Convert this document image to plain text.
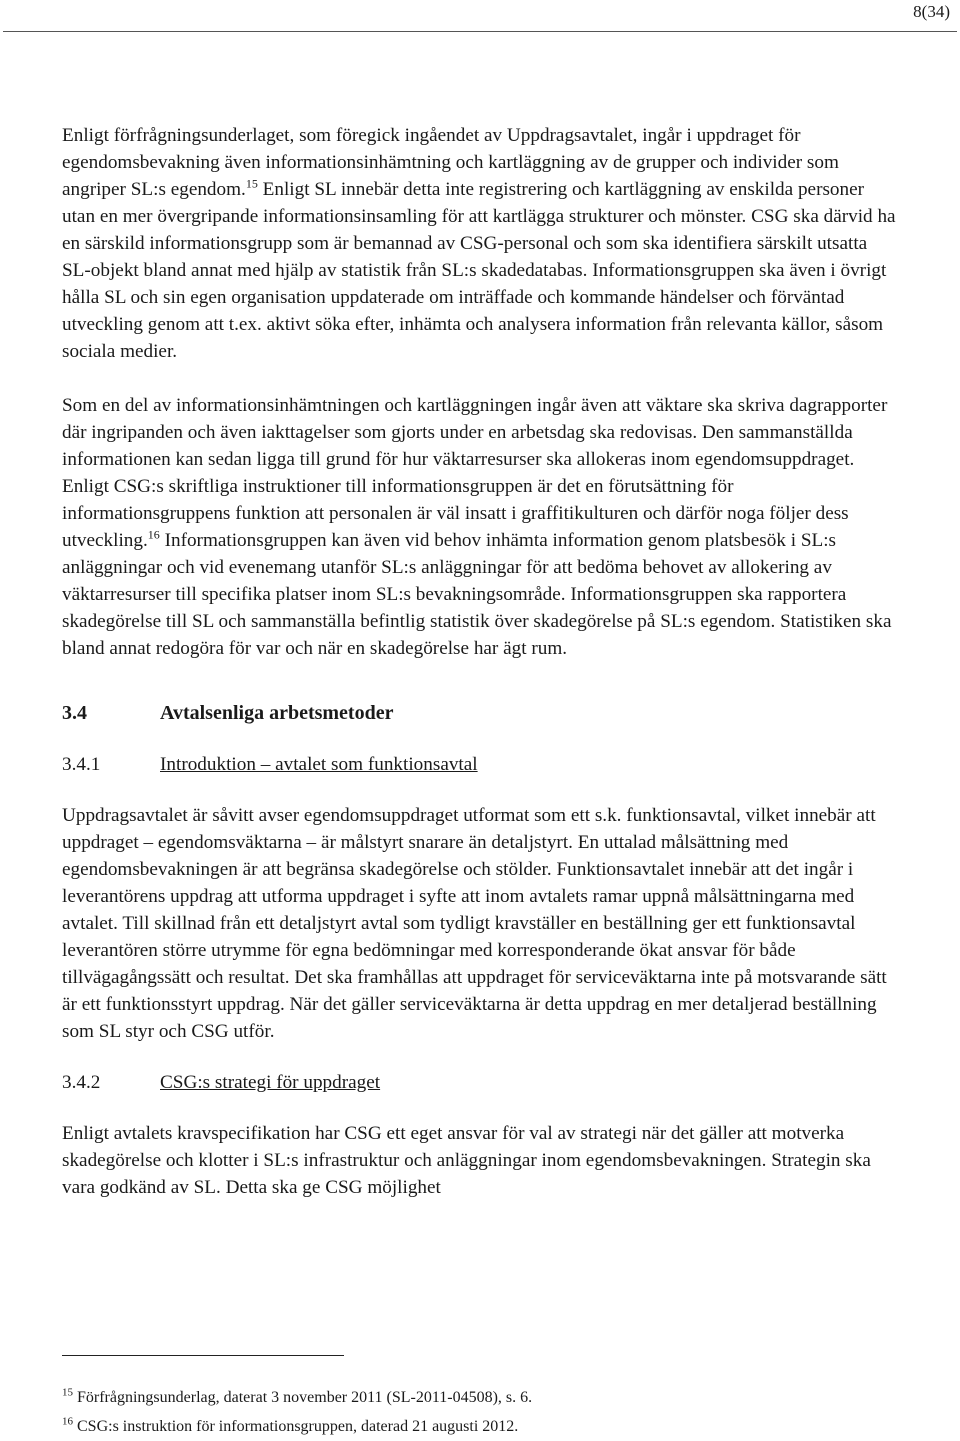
8(34)

Enligt förfrågningsunderlaget, som föregick ingåendet av Uppdragsavtalet, ingår i uppdraget för egendomsbevakning även informationsinhämtning och kartläggning av de grupper och individer som angriper SL:s egendom.$^{15}$ Enligt SL innebär detta inte registrering och kartläggning av enskilda personer utan en mer övergripande informationsinsamling för att kartlägga strukturer och mönster. CSG ska därvid ha en särskild informationsgrupp som är bemannad av CSG-personal och som ska identifiera särskilt utsatta SL-objekt bland annat med hjälp av statistik från SL:s skadedatabas. Informationsgruppen ska även i övrigt hålla SL och sin egen organisation uppdaterade om inträffade och kommande händelser och förväntad utveckling genom att t.ex. aktivt söka efter, inhämta och analysera information från relevanta källor, såsom sociala medier.

Som en del av informationsinhämtningen och kartläggningen ingår även att väktare ska skriva dagrapporter där ingripanden och även iakttagelser som gjorts under en arbetsdag ska redovisas. Den sammanställda informationen kan sedan ligga till grund för hur väktarresurser ska allokeras inom egendomsuppdraget. Enligt CSG:s skriftliga instruktioner till informationsgruppen är det en förutsättning för informationsgruppens funktion att personalen är väl insatt i graffitikulturen och därför noga följer dess utveckling.$^{16}$ Informationsgruppen kan även vid behov inhämta information genom platsbesök i SL:s anläggningar och vid evenemang utanför SL:s anläggningar för att bedöma behovet av allokering av väktarresurser till specifika platser inom SL:s bevakningsområde. Informationsgruppen ska rapportera skadegörelse till SL och sammanställa befintlig statistik över skadegörelse på SL:s egendom. Statistiken ska bland annat redogöra för var och när en skadegörelse har ägt rum.

3.4	Avtalsenliga arbetsmetoder
3.4.1	Introduktion – avtalet som funktionsavtal

Uppdragsavtalet är såvitt avser egendomsuppdraget utformat som ett s.k. funktionsavtal, vilket innebär att uppdraget – egendomsväktarna – är målstyrt snarare än detaljstyrt. En uttalad målsättning med egendomsbevakningen är att begränsa skadegörelse och stölder. Funktionsavtalet innebär att det ingår i leverantörens uppdrag att utforma uppdraget i syfte att inom avtalets ramar uppnå målsättningarna med avtalet. Till skillnad från ett detaljstyrt avtal som tydligt kravställer en beställning ger ett funktionsavtal leverantören större utrymme för egna bedömningar med korresponderande ökat ansvar för både tillvägagångssätt och resultat. Det ska framhållas att uppdraget för serviceväktarna inte på motsvarande sätt är ett funktionsstyrt uppdrag. När det gäller serviceväktarna är detta uppdrag en mer detaljerad beställning som SL styr och CSG utför.

3.4.2	CSG:s strategi för uppdraget

Enligt avtalets kravspecifikation har CSG ett eget ansvar för val av strategi när det gäller att motverka skadegörelse och klotter i SL:s infrastruktur och anläggningar inom egendomsbevakningen. Strategin ska vara godkänd av SL. Detta ska ge CSG möjlighet

$^{15}$ Förfrågningsunderlag, daterat 3 november 2011 (SL-2011-04508), s. 6.
$^{16}$ CSG:s instruktion för informationsgruppen, daterad 21 augusti 2012.
